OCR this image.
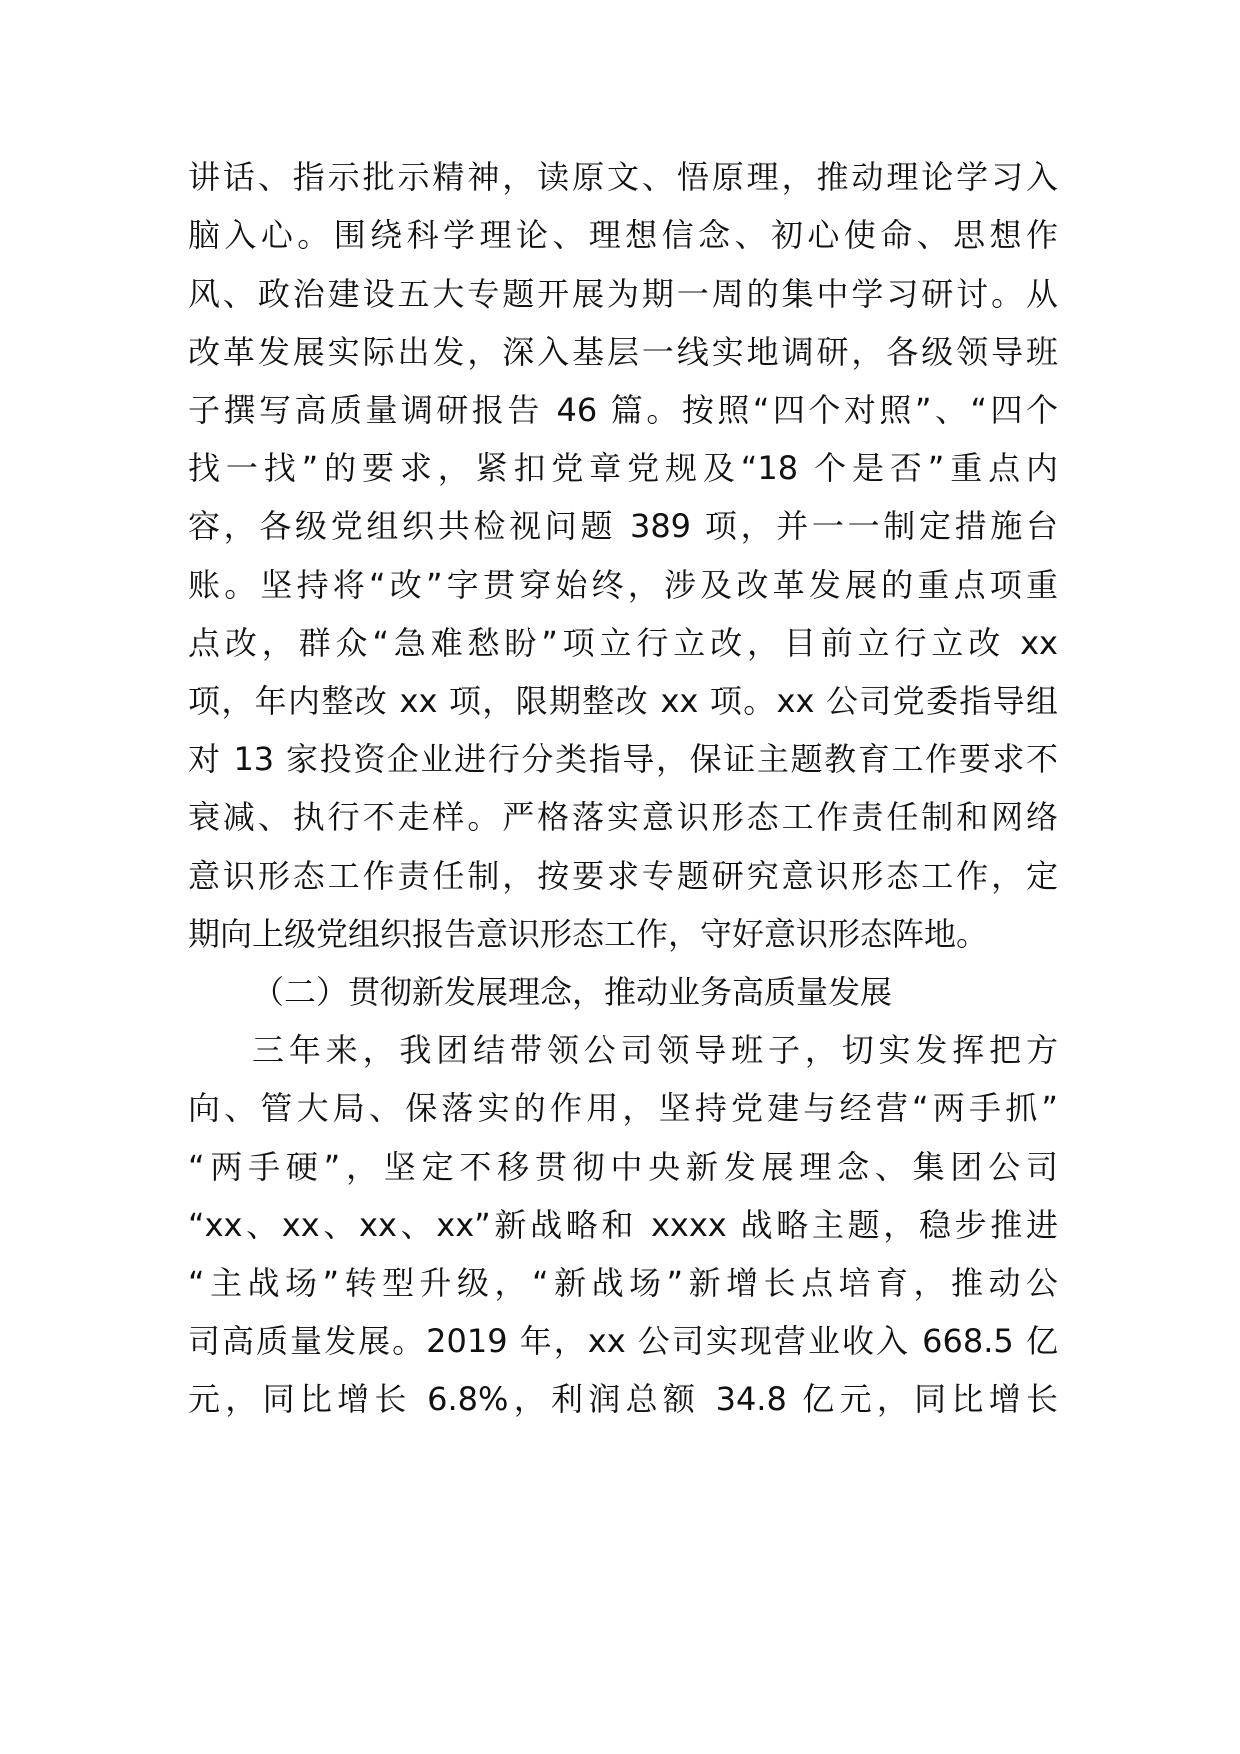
讲话、指示批示精神，读原文、悟原理，推动理论学习入
脑入心。围绕科学理论、理想信念、初心使命、思想作
风、政治建设五大专题开展为期一周的集中学习研讨。从
改革发展实际出发，深入基层一线实地调研，各级领导班
子撰写高质量调研报告 46 篇。按照“四个对照”、“四个
找一找”的要求，紧扣党章党规及“18 个是否”重点内
容，各级党组织共检视问题 389 项，并一一制定措施台
账。坚持将“改”字贯穿始终，涉及改革发展的重点项重
点改，群众“急难愁盼”项立行立改，目前立行立改 xx
项，年内整改 xx 项，限期整改 xx 项。xx 公司党委指导组
对 13 家投资企业进行分类指导，保证主题教育工作要求不
衰减、执行不走样。严格落实意识形态工作责任制和网络
意识形态工作责任制，按要求专题研究意识形态工作，定
期向上级党组织报告意识形态工作，守好意识形态阵地。
（二）贯彻新发展理念，推动业务高质量发展
三年来，我团结带领公司领导班子，切实发挥把方
向、管大局、保落实的作用，坚持党建与经营“两手抓”
“两手硬”，坚定不移贯彻中央新发展理念、集团公司
“xx、xx、xx、xx”新战略和 xxxx 战略主题，稳步推进
“主战场”转型升级，“新战场”新增长点培育，推动公
司高质量发展。2019 年，xx 公司实现营业收入 668.5 亿
元，同比增长 6.8%，利润总额 34.8 亿元，同比增长
